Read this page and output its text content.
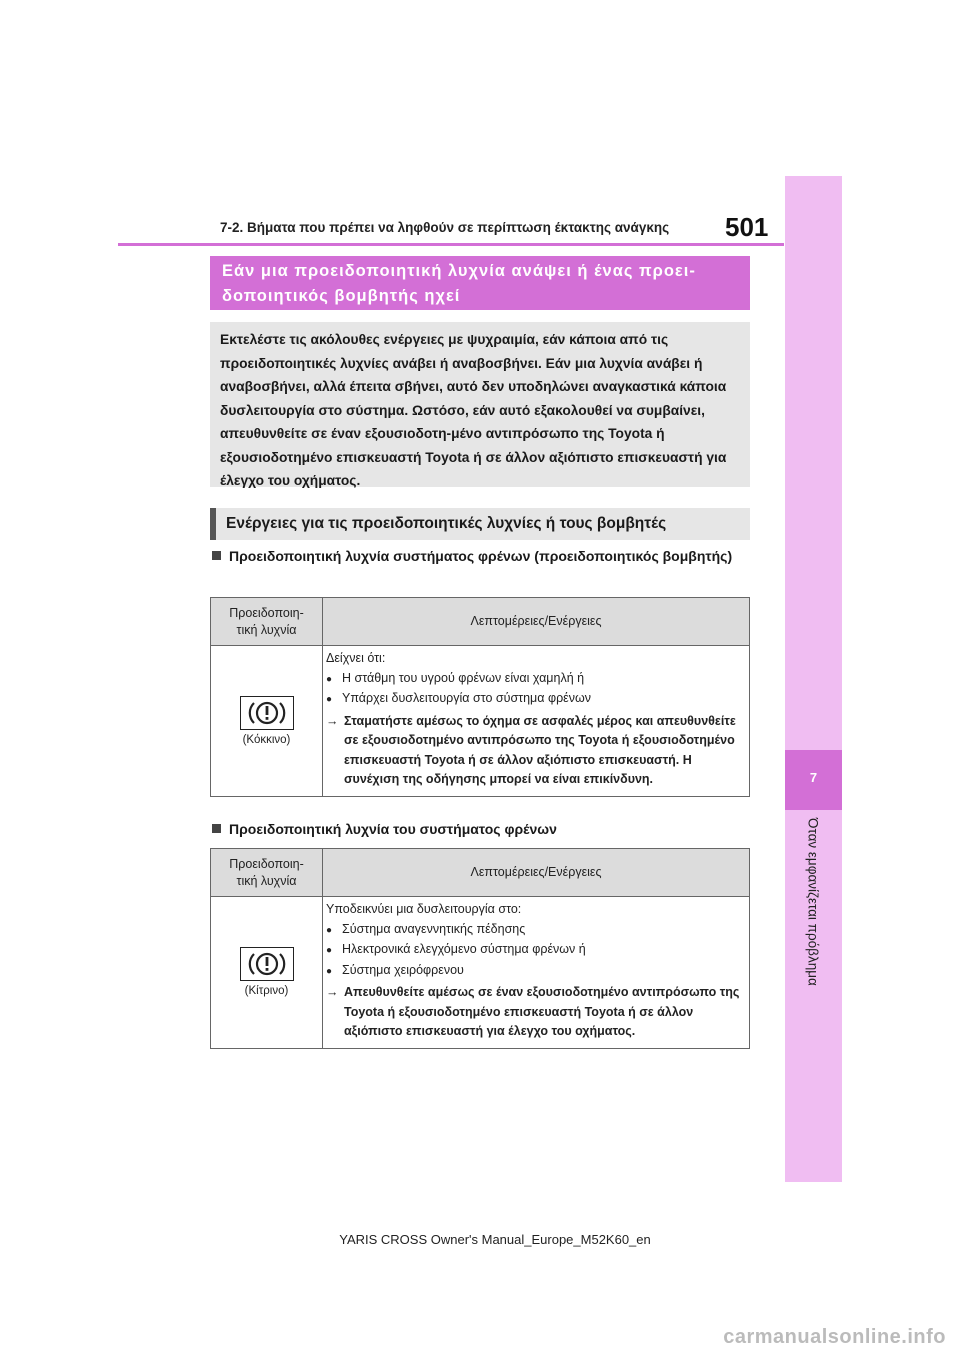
7-2. Βήματα που πρέπει να ληφθούν σε περίπτωση έκτακτης ανάγκης 501
7
Όταν εμφανίζεται πρόβλημα
Εάν μια προειδοποιητική λυχνία ανάψει ή ένας προει-
δοποιητικός βομβητής ηχεί
Εκτελέστε τις ακόλουθες ενέργειες με ψυχραιμία, εάν κάποια από τις προειδοποιητικές λυχνίες ανάβει ή αναβοσβήνει. Εάν μια λυχνία ανάβει ή αναβοσβήνει, αλλά έπειτα σβήνει, αυτό δεν υποδηλώνει αναγκαστικά κάποια δυσλειτουργία στο σύστημα. Ωστόσο, εάν αυτό εξακολουθεί να συμβαίνει, απευθυνθείτε σε έναν εξουσιοδοτη-μένο αντιπρόσωπο της Toyota ή εξουσιοδοτημένο επισκευαστή Toyota ή σε άλλον αξιόπιστο επισκευαστή για έλεγχο του οχήματος.
Ενέργειες για τις προειδοποιητικές λυχνίες ή τους βομβητές
Προειδοποιητική λυχνία συστήματος φρένων (προειδοποιητικός βομβητής)
Προειδοποιη-
τική λυχνία	Λεπτομέρειες/Ενέργειες

(Κόκκινο)	Δείχνει ότι:
● Η στάθμη του υγρού φρένων είναι χαμηλή ή
● Υπάρχει δυσλειτουργία στο σύστημα φρένων
→ Σταματήστε αμέσως το όχημα σε ασφαλές μέρος και απευθυνθείτε σε εξουσιοδοτημένο αντιπρόσωπο της Toyota ή εξουσιοδοτημένο επισκευαστή Toyota ή σε άλλον αξιόπιστο επισκευαστή. Η συνέχιση της οδήγησης μπορεί να είναι επικίνδυνη.
Προειδοποιητική λυχνία του συστήματος φρένων
Προειδοποιη-
τική λυχνία	Λεπτομέρειες/Ενέργειες

(Κίτρινο)	Υποδεικνύει μια δυσλειτουργία στο:
● Σύστημα αναγεννητικής πέδησης
● Ηλεκτρονικά ελεγχόμενο σύστημα φρένων ή
● Σύστημα χειρόφρενου
→ Απευθυνθείτε αμέσως σε έναν εξουσιοδοτημένο αντιπρόσωπο της Toyota ή εξουσιοδοτημένο επισκευαστή Toyota ή σε άλλον αξιόπιστο επισκευαστή για έλεγχο του οχήματος.
YARIS CROSS Owner's Manual_Europe_M52K60_en
carmanualsonline.info
